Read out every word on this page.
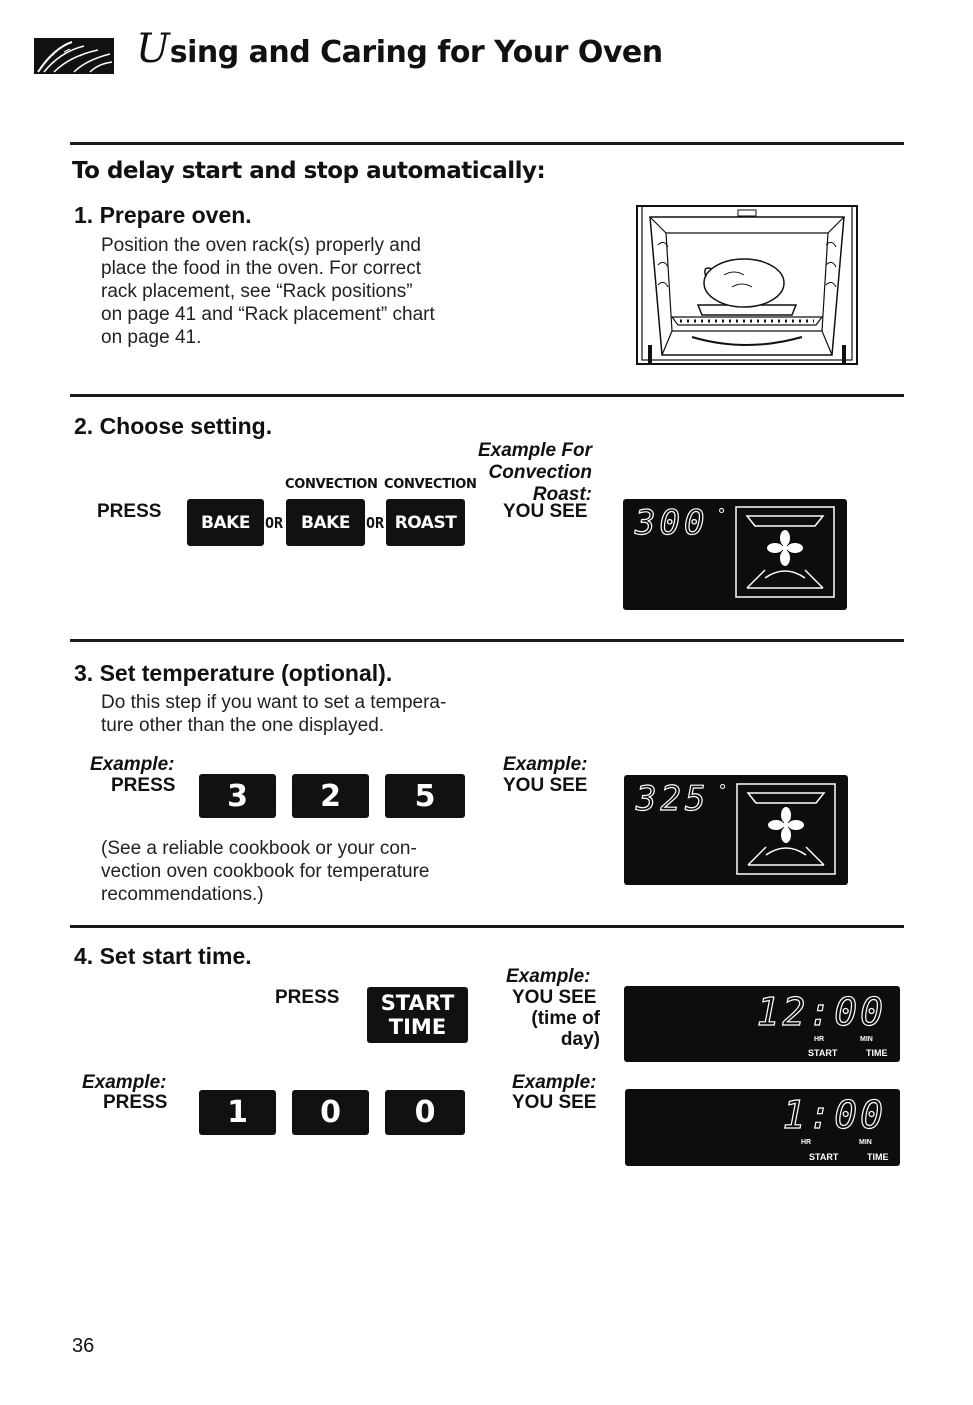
Using and Caring for Your Oven
To delay start and stop automatically:
1. Prepare oven.
Position the oven rack(s) properly and
place the food in the oven. For correct
rack placement, see “Rack positions”
on page 41 and “Rack placement” chart
on page 41.
2. Choose setting.
PRESS
CONVECTION CONVECTION
BAKE	OR	BAKE	OR ROAST
Example For
Convection
Roast:
YOU SEE 300 °
3. Set temperature (optional).
Do this step if you want to set a tempera-
ture other than the one displayed.
Example:
PRESS	3	2	5
Example:
YOU SEE 325 °
(See a reliable cookbook or your con-
vection oven cookbook for temperature
recommendations.)
4. Set start time.
PRESS START
TIME
Example:
YOU SEE
(time of
day)
12:00
HR	MIN
START	TIME
Example:
PRESS	1	0	0
Example:
YOU SEE	1:00
HR	MIN
START	TIME
36
